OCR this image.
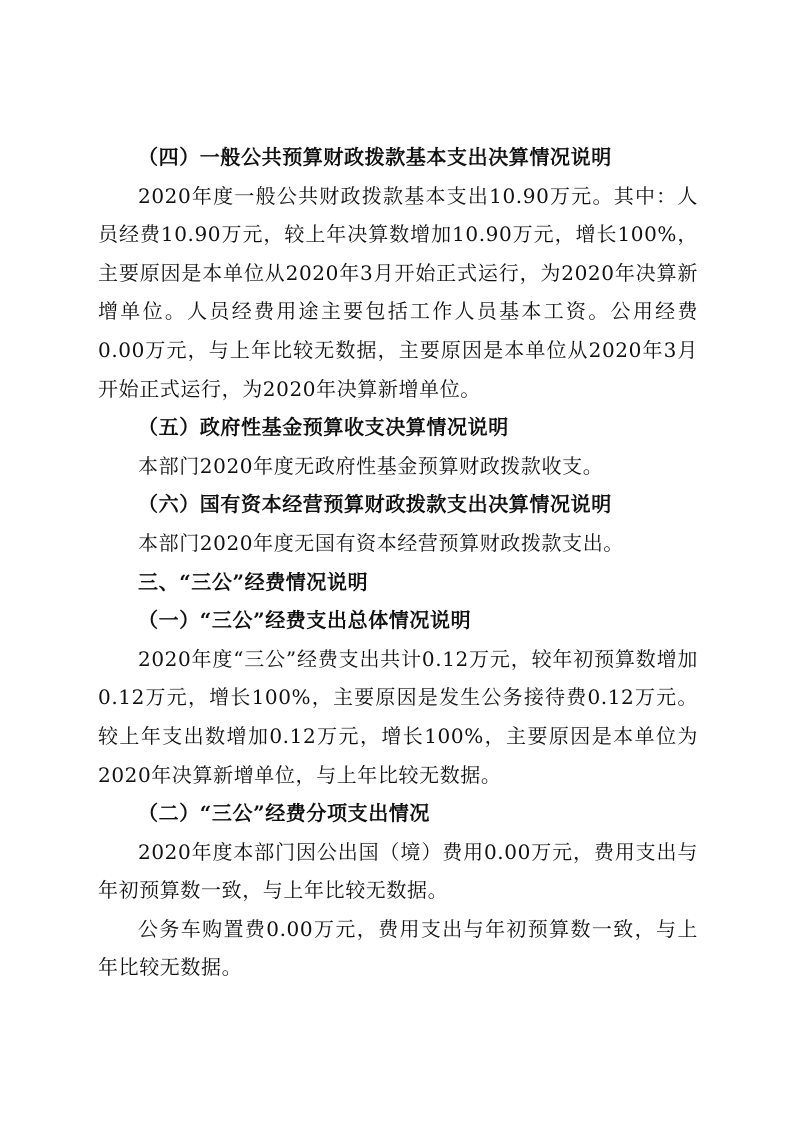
（四）一般公共预算财政拨款基本支出决算情况说明

2020年度一般公共财政拨款基本支出10.90万元。其中：人员经费10.90万元，较上年决算数增加10.90万元，增长100%，主要原因是本单位从2020年3月开始正式运行，为2020年决算新增单位。人员经费用途主要包括工作人员基本工资。公用经费0.00万元，与上年比较无数据，主要原因是本单位从2020年3月开始正式运行，为2020年决算新增单位。

（五）政府性基金预算收支决算情况说明

本部门2020年度无政府性基金预算财政拨款收支。

（六）国有资本经营预算财政拨款支出决算情况说明

本部门2020年度无国有资本经营预算财政拨款支出。

三、“三公”经费情况说明

（一）“三公”经费支出总体情况说明

2020年度“三公”经费支出共计0.12万元，较年初预算数增加0.12万元，增长100%，主要原因是发生公务接待费0.12万元。较上年支出数增加0.12万元，增长100%，主要原因是本单位为2020年决算新增单位，与上年比较无数据。

（二）“三公”经费分项支出情况

2020年度本部门因公出国（境）费用0.00万元，费用支出与年初预算数一致，与上年比较无数据。

公务车购置费0.00万元，费用支出与年初预算数一致，与上年比较无数据。
